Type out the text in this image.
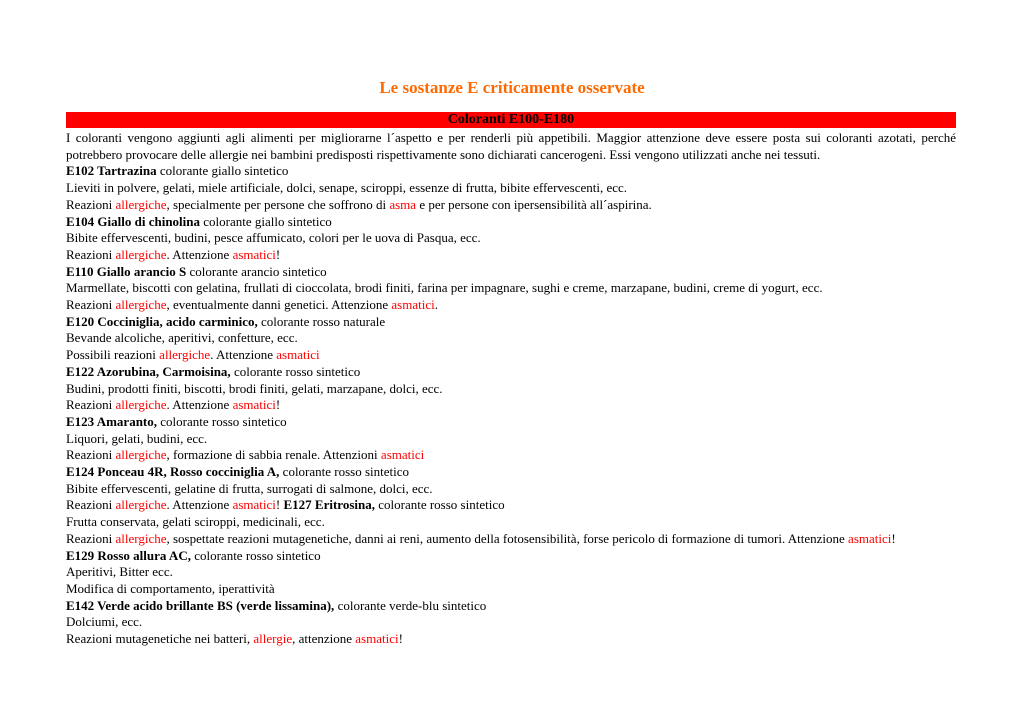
Le sostanze E criticamente osservate
Coloranti E100-E180

I coloranti vengono aggiunti agli alimenti per migliorarne l´aspetto e per renderli più appetibili. Maggior attenzione deve essere posta sui coloranti azotati, perché potrebbero provocare delle allergie nei bambini predisposti rispettivamente sono dichiarati cancerogeni. Essi vengono utilizzati anche nei tessuti.

E102 Tartrazina colorante giallo sintetico

Lieviti in polvere, gelati, miele artificiale, dolci, senape, sciroppi, essenze di frutta, bibite effervescenti, ecc.

Reazioni allergiche, specialmente per persone che soffrono di asma e per persone con ipersensibilità all´aspirina.

E104 Giallo di chinolina colorante giallo sintetico

Bibite effervescenti, budini, pesce affumicato, colori per le uova di Pasqua, ecc.

Reazioni allergiche. Attenzione asmatici!

E110 Giallo arancio S colorante arancio sintetico

Marmellate, biscotti con gelatina, frullati di cioccolata, brodi finiti, farina per impagnare, sughi e creme, marzapane, budini, creme di yogurt, ecc.

Reazioni allergiche, eventualmente danni genetici. Attenzione asmatici.

E120 Cocciniglia, acido carminico, colorante rosso naturale

Bevande alcoliche, aperitivi, confetture, ecc.

Possibili reazioni allergiche. Attenzione asmatici

E122 Azorubina, Carmoisina, colorante rosso sintetico

Budini, prodotti finiti, biscotti, brodi finiti, gelati, marzapane, dolci, ecc.

Reazioni allergiche. Attenzione asmatici!

E123 Amaranto, colorante rosso sintetico

Liquori, gelati, budini, ecc.

Reazioni allergiche, formazione di sabbia renale. Attenzioni asmatici

E124 Ponceau 4R, Rosso cocciniglia A, colorante rosso sintetico

Bibite effervescenti, gelatine di frutta, surrogati di salmone, dolci, ecc.

Reazioni allergiche. Attenzione asmatici! E127 Eritrosina, colorante rosso sintetico

Frutta conservata, gelati sciroppi, medicinali, ecc.

Reazioni allergiche, sospettate reazioni mutagenetiche, danni ai reni, aumento della fotosensibilità, forse pericolo di formazione di tumori. Attenzione asmatici!

E129 Rosso allura AC, colorante rosso sintetico

Aperitivi, Bitter ecc.

Modifica di comportamento, iperattività

E142 Verde acido brillante BS (verde lissamina), colorante verde-blu sintetico

Dolciumi, ecc.

Reazioni mutagenetiche nei batteri, allergie, attenzione asmatici!
